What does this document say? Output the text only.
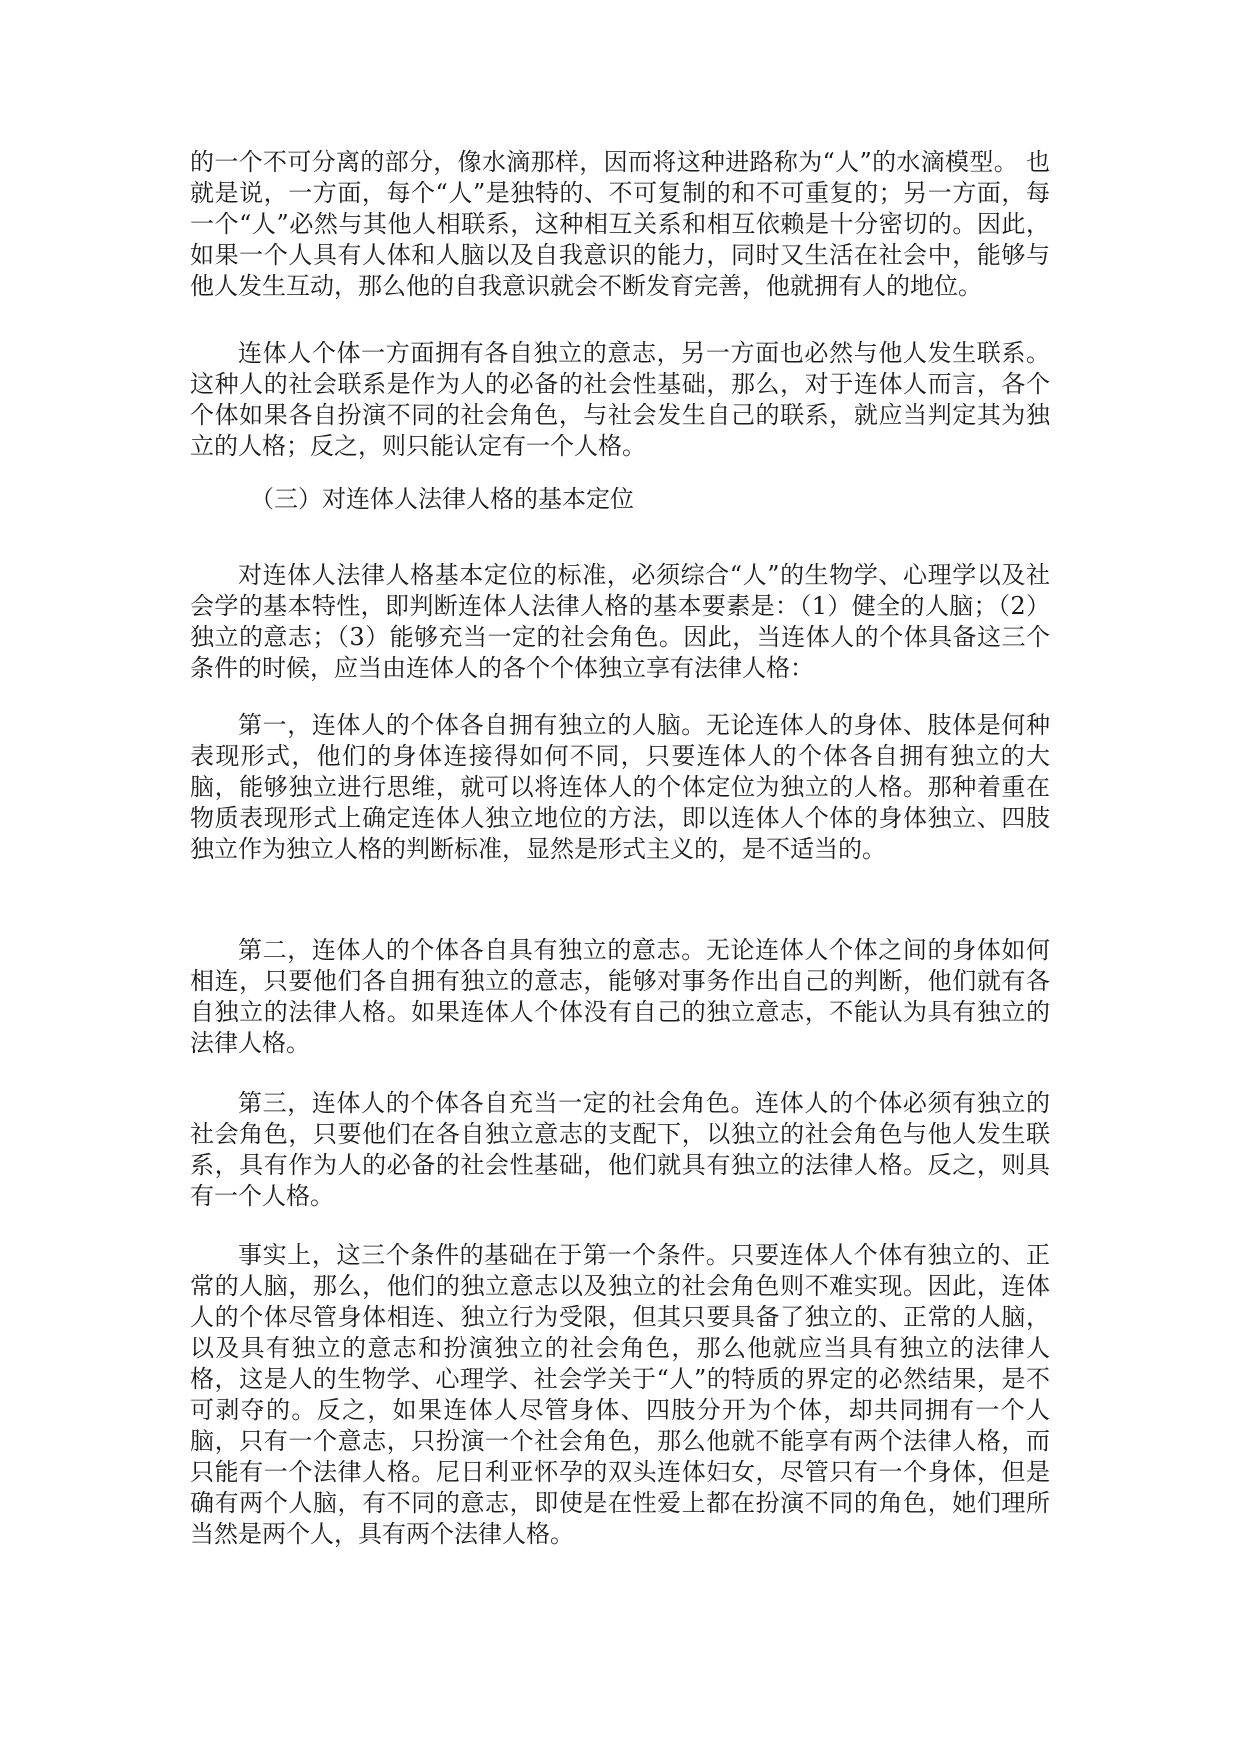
的一个不可分离的部分，像水滴那样，因而将这种进路称为“人”的水滴模型。 也就是说，一方面，每个“人”是独特的、不可复制的和不可重复的；另一方面，每一个“人”必然与其他人相联系，这种相互关系和相互依赖是十分密切的。因此，如果一个人具有人体和人脑以及自我意识的能力，同时又生活在社会中，能够与他人发生互动，那么他的自我意识就会不断发育完善，他就拥有人的地位。

连体人个体一方面拥有各自独立的意志，另一方面也必然与他人发生联系。这种人的社会联系是作为人的必备的社会性基础，那么，对于连体人而言，各个个体如果各自扮演不同的社会角色，与社会发生自己的联系，就应当判定其为独立的人格；反之，则只能认定有一个人格。

（三）对连体人法律人格的基本定位

对连体人法律人格基本定位的标准，必须综合“人”的生物学、心理学以及社会学的基本特性，即判断连体人法律人格的基本要素是：（1）健全的人脑；（2）独立的意志；（3）能够充当一定的社会角色。因此，当连体人的个体具备这三个条件的时候，应当由连体人的各个个体独立享有法律人格：

第一，连体人的个体各自拥有独立的人脑。无论连体人的身体、肢体是何种表现形式，他们的身体连接得如何不同，只要连体人的个体各自拥有独立的大脑，能够独立进行思维，就可以将连体人的个体定位为独立的人格。那种着重在物质表现形式上确定连体人独立地位的方法，即以连体人个体的身体独立、四肢独立作为独立人格的判断标准，显然是形式主义的，是不适当的。

第二，连体人的个体各自具有独立的意志。无论连体人个体之间的身体如何相连，只要他们各自拥有独立的意志，能够对事务作出自己的判断，他们就有各自独立的法律人格。如果连体人个体没有自己的独立意志，不能认为具有独立的法律人格。

第三，连体人的个体各自充当一定的社会角色。连体人的个体必须有独立的社会角色，只要他们在各自独立意志的支配下，以独立的社会角色与他人发生联系，具有作为人的必备的社会性基础，他们就具有独立的法律人格。反之，则具有一个人格。

事实上，这三个条件的基础在于第一个条件。只要连体人个体有独立的、正常的人脑，那么，他们的独立意志以及独立的社会角色则不难实现。因此，连体人的个体尽管身体相连、独立行为受限，但其只要具备了独立的、正常的人脑，以及具有独立的意志和扮演独立的社会角色，那么他就应当具有独立的法律人格，这是人的生物学、心理学、社会学关于“人”的特质的界定的必然结果，是不可剥夺的。反之，如果连体人尽管身体、四肢分开为个体，却共同拥有一个人脑，只有一个意志，只扮演一个社会角色，那么他就不能享有两个法律人格，而只能有一个法律人格。尼日利亚怀孕的双头连体妇女，尽管只有一个身体，但是确有两个人脑，有不同的意志，即使是在性爱上都在扮演不同的角色，她们理所当然是两个人，具有两个法律人格。
